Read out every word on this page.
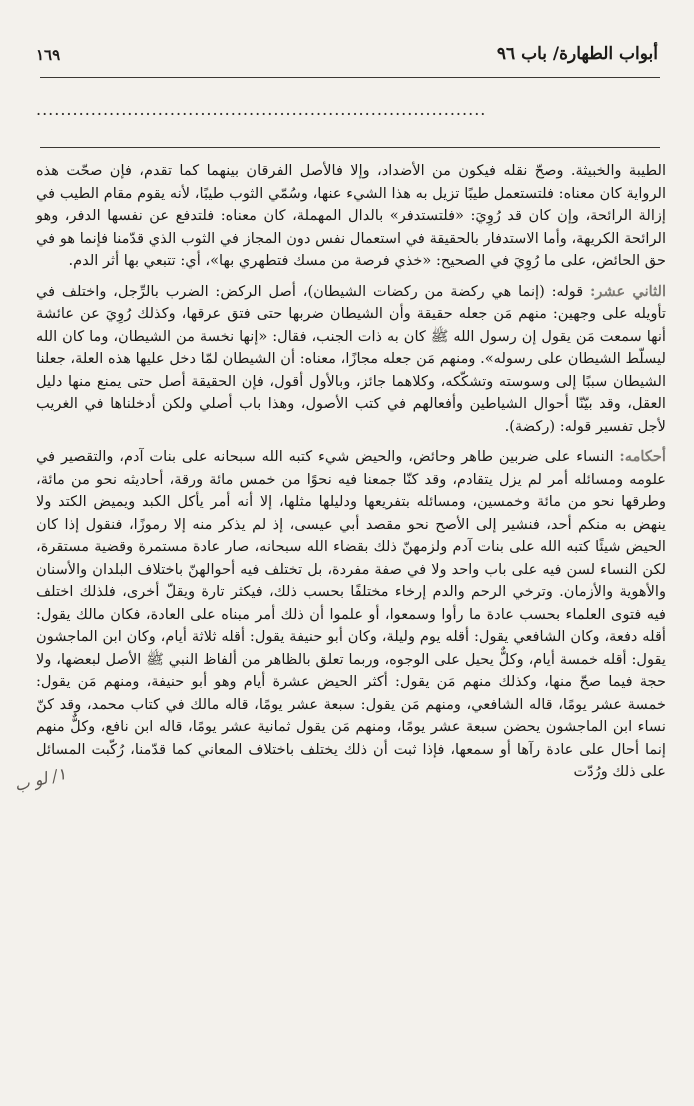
أبواب الطهارة/ باب ٩٦
١٦٩
..........................................................................

الطيبة والخبيثة. وصحّ نقله فيكون من الأضداد، وإلا فالأصل الفرقان بينهما كما تقدم، فإن صحّت هذه الرواية كان معناه: فلتستعمل طيبًا تزيل به هذا الشيء عنها، وسُمّي الثوب طيبًا، لأنه يقوم مقام الطيب في إزالة الرائحة، وإن كان قد رُوِيَ: «فلتستدفر» بالدال المهملة، كان معناه: فلتدفع عن نفسها الدفر، وهو الرائحة الكريهة، وأما الاستدفار بالحقيقة في استعمال نفس دون المجاز في الثوب الذي قدّمنا فإنما هو في حق الحائض، على ما رُوِيَ في الصحيح: «خذي فرصة من مسك فتطهري بها»، أي: تتبعي بها أثر الدم.

الثاني عشر: قوله: (إنما هي ركضة من ركضات الشيطان)، أصل الركض: الضرب بالرِّجل، واختلف في تأويله على وجهين: منهم مَن جعله حقيقة وأن الشيطان ضربها حتى فتق عرقها، وكذلك رُوِيَ عن عائشة أنها سمعت مَن يقول إن رسول الله ﷺ كان به ذات الجنب، فقال: «إنها نخسة من الشيطان، وما كان الله ليسلّط الشيطان على رسوله». ومنهم مَن جعله مجازًا، معناه: أن الشيطان لمّا دخل عليها هذه العلة، جعلنا الشيطان سببًا إلى وسوسته وتشكّكه، وكلاهما جائز، وبالأول أقول، فإن الحقيقة أصل حتى يمنع منها دليل العقل، وقد بيّنّا أحوال الشياطين وأفعالهم في كتب الأصول، وهذا باب أصلي ولكن أدخلناها في الغريب لأجل تفسير قوله: (ركضة).

أحكامه: النساء على ضربين طاهر وحائض، والحيض شيء كتبه الله سبحانه على بنات آدم، والتقصير في علومه ومسائله أمر لم يزل يتقادم، وقد كنّا جمعنا فيه نحوًا من خمس مائة ورقة، أحاديثه نحو من مائة، وطرقها نحو من مائة وخمسين، ومسائله بتفريعها ودليلها مثلها، إلا أنه أمر يأكل الكبد ويميض الكتد ولا ينهض به منكم أحد، فنشير إلى الأصح نحو مقصد أبي عيسى، إذ لم يذكر منه إلا رموزًا، فنقول إذا كان الحيض شيئًا كتبه الله على بنات آدم ولزمهنّ ذلك بقضاء الله سبحانه، صار عادة مستمرة وقضية مستقرة، لكن النساء لسن فيه على باب واحد ولا في صفة مفردة، بل تختلف فيه أحوالهنّ باختلاف البلدان والأسنان والأهوية والأزمان. وترخي الرحم والدم إرخاء مختلفًا بحسب ذلك، فيكثر تارة ويقلّ أخرى، فلذلك اختلف فيه فتوى العلماء بحسب عادة ما رأوا وسمعوا، أو علموا أن ذلك أمر مبناه على العادة، فكان مالك يقول: أقله دفعة، وكان الشافعي يقول: أقله يوم وليلة، وكان أبو حنيفة يقول: أقله ثلاثة أيام، وكان ابن الماجشون يقول: أقله خمسة أيام، وكلٌّ يحيل على الوجوه، وربما تعلق بالظاهر من ألفاظ النبي ﷺ الأصل لبعضها، ولا حجة فيما صحّ منها، وكذلك منهم مَن يقول: أكثر الحيض عشرة أيام وهو أبو حنيفة، ومنهم مَن يقول: خمسة عشر يومًا، قاله الشافعي، ومنهم مَن يقول: سبعة عشر يومًا، قاله مالك في كتاب محمد، وقد كنّ نساء ابن الماجشون يحضن سبعة عشر يومًا، ومنهم مَن يقول ثمانية عشر يومًا، قاله ابن نافع، وكلٌّ منهم إنما أحال على عادة رآها أو سمعها، فإذا ثبت أن ذلك يختلف باختلاف المعاني كما قدّمنا، رُكّبت المسائل على ذلك ورُدّت

١/ لو ب
